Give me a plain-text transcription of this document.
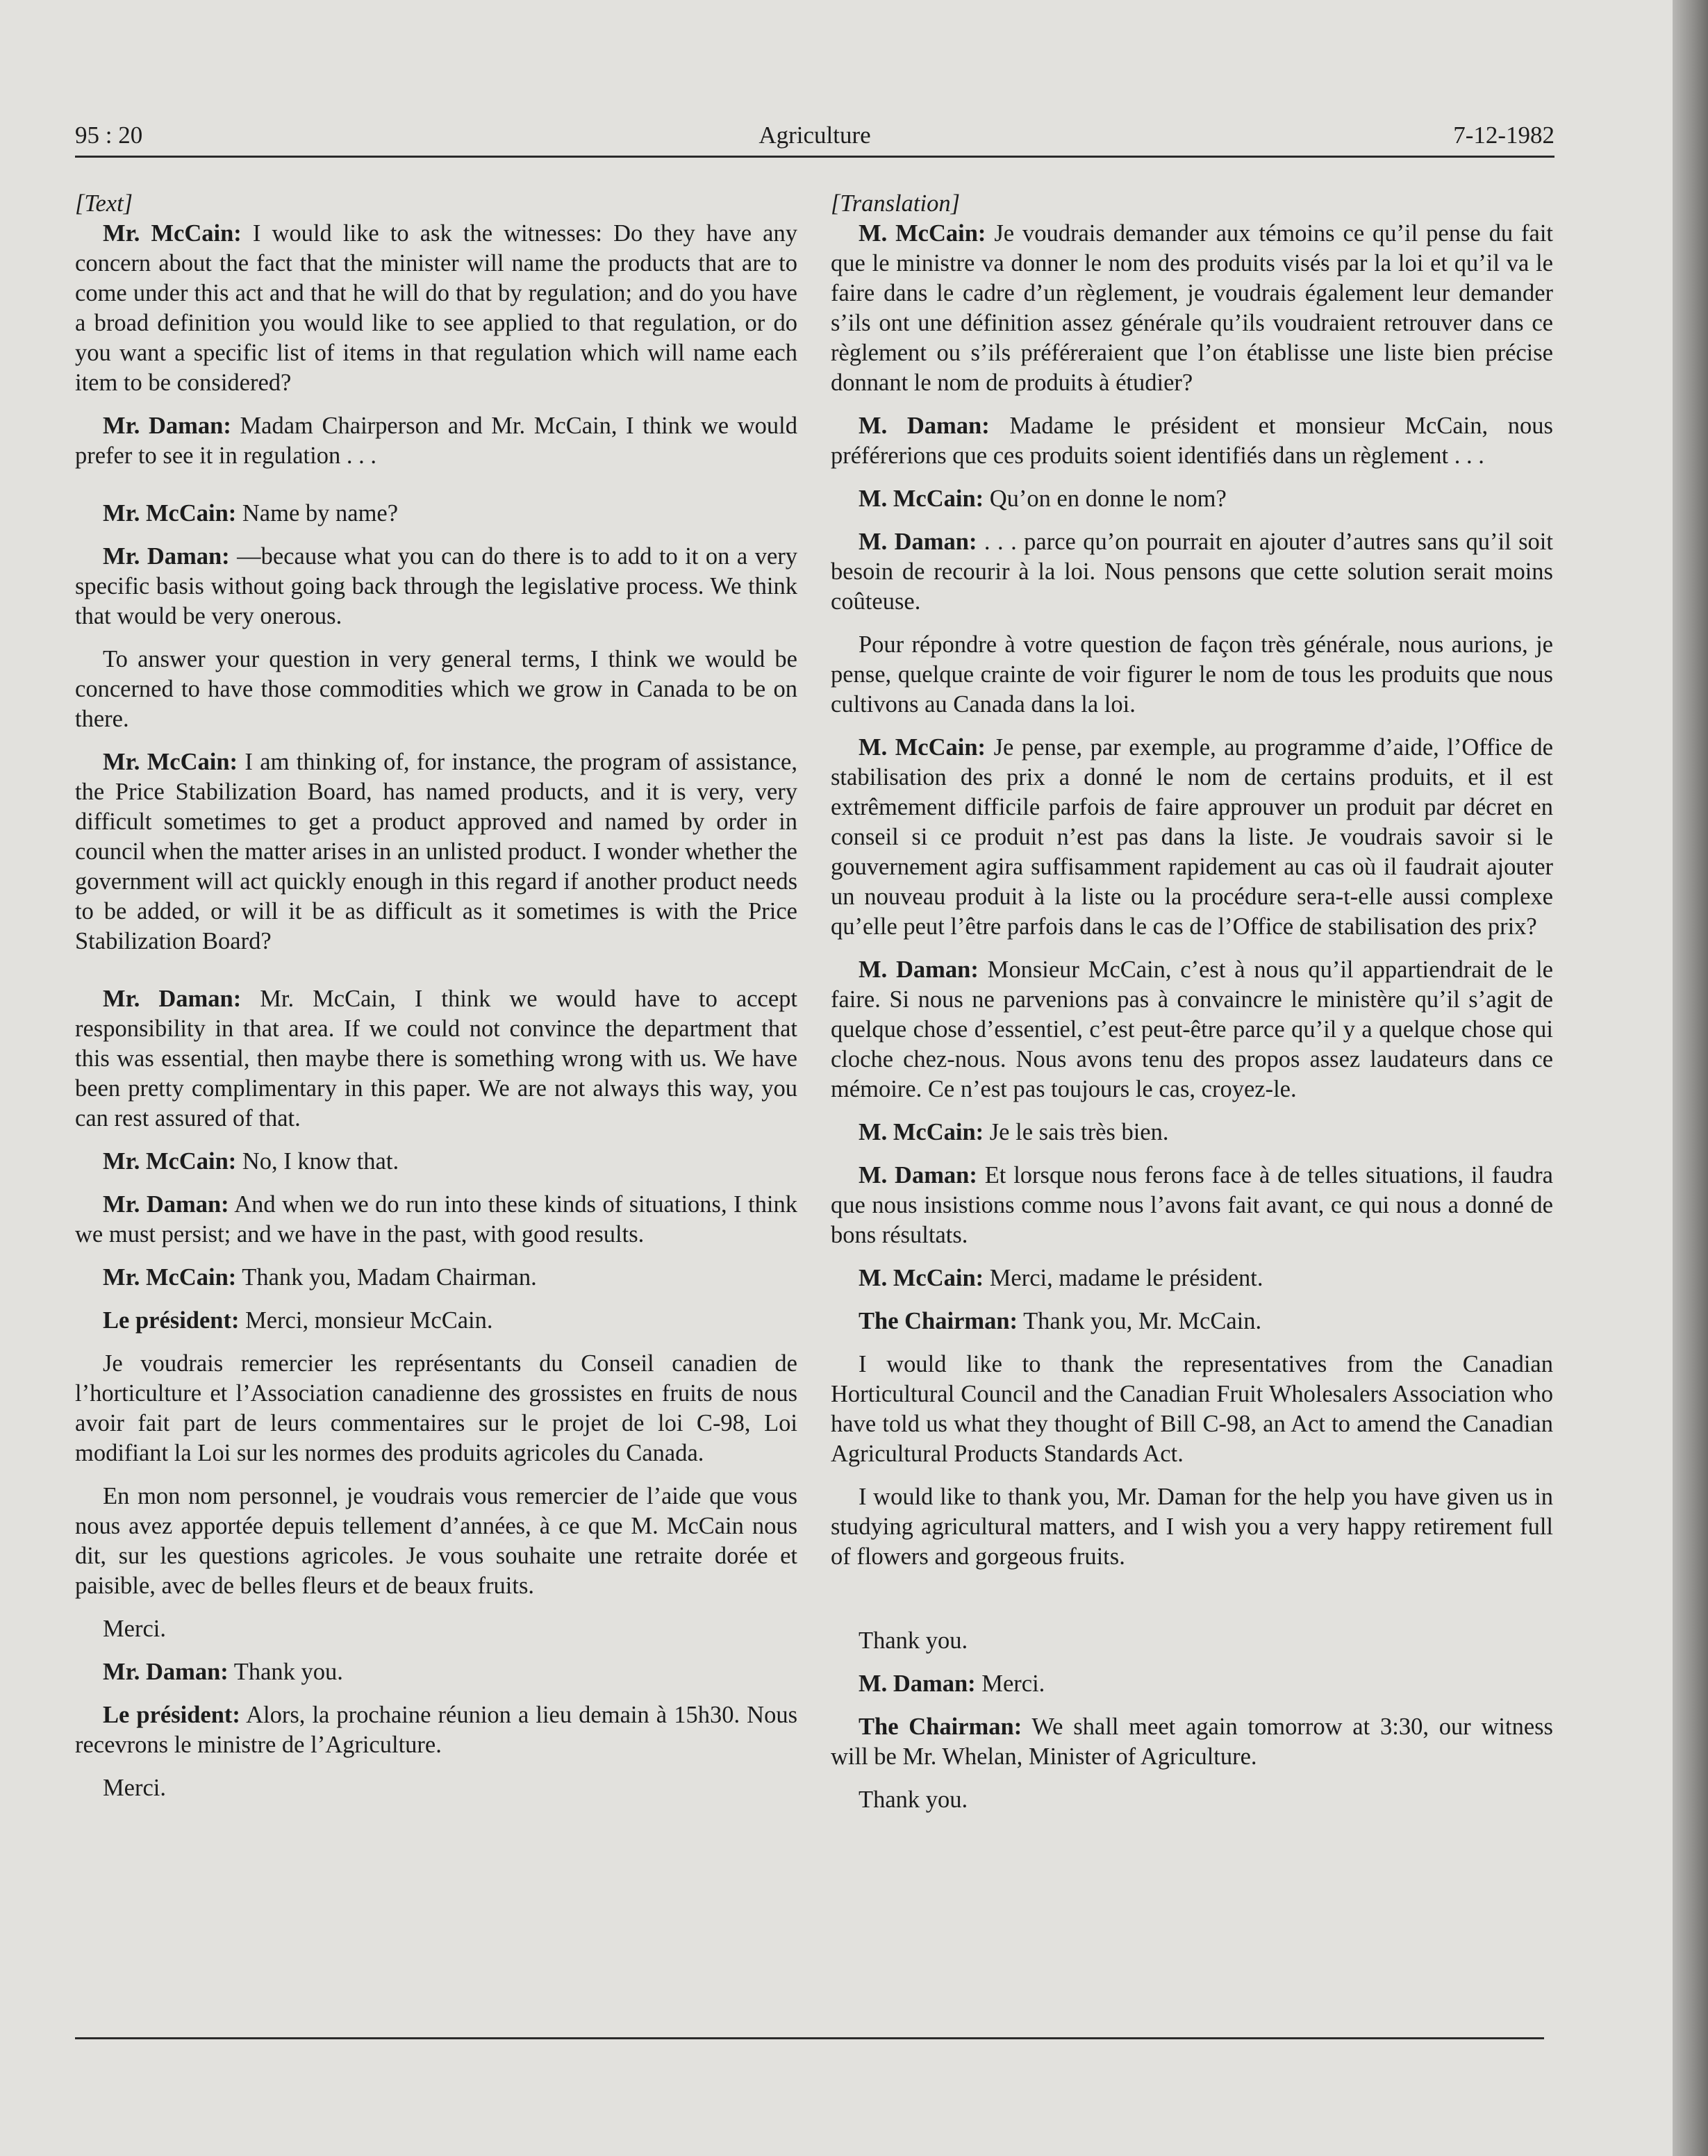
95 : 20	Agriculture	7-12-1982

[Text]

Mr. McCain: I would like to ask the witnesses: Do they have any concern about the fact that the minister will name the products that are to come under this act and that he will do that by regulation; and do you have a broad definition you would like to see applied to that regulation, or do you want a specific list of items in that regulation which will name each item to be considered?

Mr. Daman: Madam Chairperson and Mr. McCain, I think we would prefer to see it in regulation . . .

Mr. McCain: Name by name?

Mr. Daman: —because what you can do there is to add to it on a very specific basis without going back through the legislative process. We think that would be very onerous.

To answer your question in very general terms, I think we would be concerned to have those commodities which we grow in Canada to be on there.

Mr. McCain: I am thinking of, for instance, the program of assistance, the Price Stabilization Board, has named products, and it is very, very difficult sometimes to get a product approved and named by order in council when the matter arises in an unlisted product. I wonder whether the government will act quickly enough in this regard if another product needs to be added, or will it be as difficult as it sometimes is with the Price Stabilization Board?

Mr. Daman: Mr. McCain, I think we would have to accept responsibility in that area. If we could not convince the department that this was essential, then maybe there is something wrong with us. We have been pretty complimentary in this paper. We are not always this way, you can rest assured of that.

Mr. McCain: No, I know that.

Mr. Daman: And when we do run into these kinds of situations, I think we must persist; and we have in the past, with good results.

Mr. McCain: Thank you, Madam Chairman.

Le président: Merci, monsieur McCain.

Je voudrais remercier les représentants du Conseil canadien de l’horticulture et l’Association canadienne des grossistes en fruits de nous avoir fait part de leurs commentaires sur le projet de loi C-98, Loi modifiant la Loi sur les normes des produits agricoles du Canada.

En mon nom personnel, je voudrais vous remercier de l’aide que vous nous avez apportée depuis tellement d’années, à ce que M. McCain nous dit, sur les questions agricoles. Je vous souhaite une retraite dorée et paisible, avec de belles fleurs et de beaux fruits.

Merci.

Mr. Daman: Thank you.

Le président: Alors, la prochaine réunion a lieu demain à 15h30. Nous recevrons le ministre de l’Agriculture.

Merci.

[Translation]

M. McCain: Je voudrais demander aux témoins ce qu’il pense du fait que le ministre va donner le nom des produits visés par la loi et qu’il va le faire dans le cadre d’un règlement, je voudrais également leur demander s’ils ont une définition assez générale qu’ils voudraient retrouver dans ce règlement ou s’ils préféreraient que l’on établisse une liste bien précise donnant le nom de produits à étudier?

M. Daman: Madame le président et monsieur McCain, nous préférerions que ces produits soient identifiés dans un règlement . . .

M. McCain: Qu’on en donne le nom?

M. Daman: . . . parce qu’on pourrait en ajouter d’autres sans qu’il soit besoin de recourir à la loi. Nous pensons que cette solution serait moins coûteuse.

Pour répondre à votre question de façon très générale, nous aurions, je pense, quelque crainte de voir figurer le nom de tous les produits que nous cultivons au Canada dans la loi.

M. McCain: Je pense, par exemple, au programme d’aide, l’Office de stabilisation des prix a donné le nom de certains produits, et il est extrêmement difficile parfois de faire approuver un produit par décret en conseil si ce produit n’est pas dans la liste. Je voudrais savoir si le gouvernement agira suffisamment rapidement au cas où il faudrait ajouter un nouveau produit à la liste ou la procédure sera-t-elle aussi complexe qu’elle peut l’être parfois dans le cas de l’Office de stabilisation des prix?

M. Daman: Monsieur McCain, c’est à nous qu’il appartiendrait de le faire. Si nous ne parvenions pas à convaincre le ministère qu’il s’agit de quelque chose d’essentiel, c’est peut-être parce qu’il y a quelque chose qui cloche chez-nous. Nous avons tenu des propos assez laudateurs dans ce mémoire. Ce n’est pas toujours le cas, croyez-le.

M. McCain: Je le sais très bien.

M. Daman: Et lorsque nous ferons face à de telles situations, il faudra que nous insistions comme nous l’avons fait avant, ce qui nous a donné de bons résultats.

M. McCain: Merci, madame le président.

The Chairman: Thank you, Mr. McCain.

I would like to thank the representatives from the Canadian Horticultural Council and the Canadian Fruit Wholesalers Association who have told us what they thought of Bill C-98, an Act to amend the Canadian Agricultural Products Standards Act.

I would like to thank you, Mr. Daman for the help you have given us in studying agricultural matters, and I wish you a very happy retirement full of flowers and gorgeous fruits.

Thank you.

M. Daman: Merci.

The Chairman: We shall meet again tomorrow at 3:30, our witness will be Mr. Whelan, Minister of Agriculture.

Thank you.
